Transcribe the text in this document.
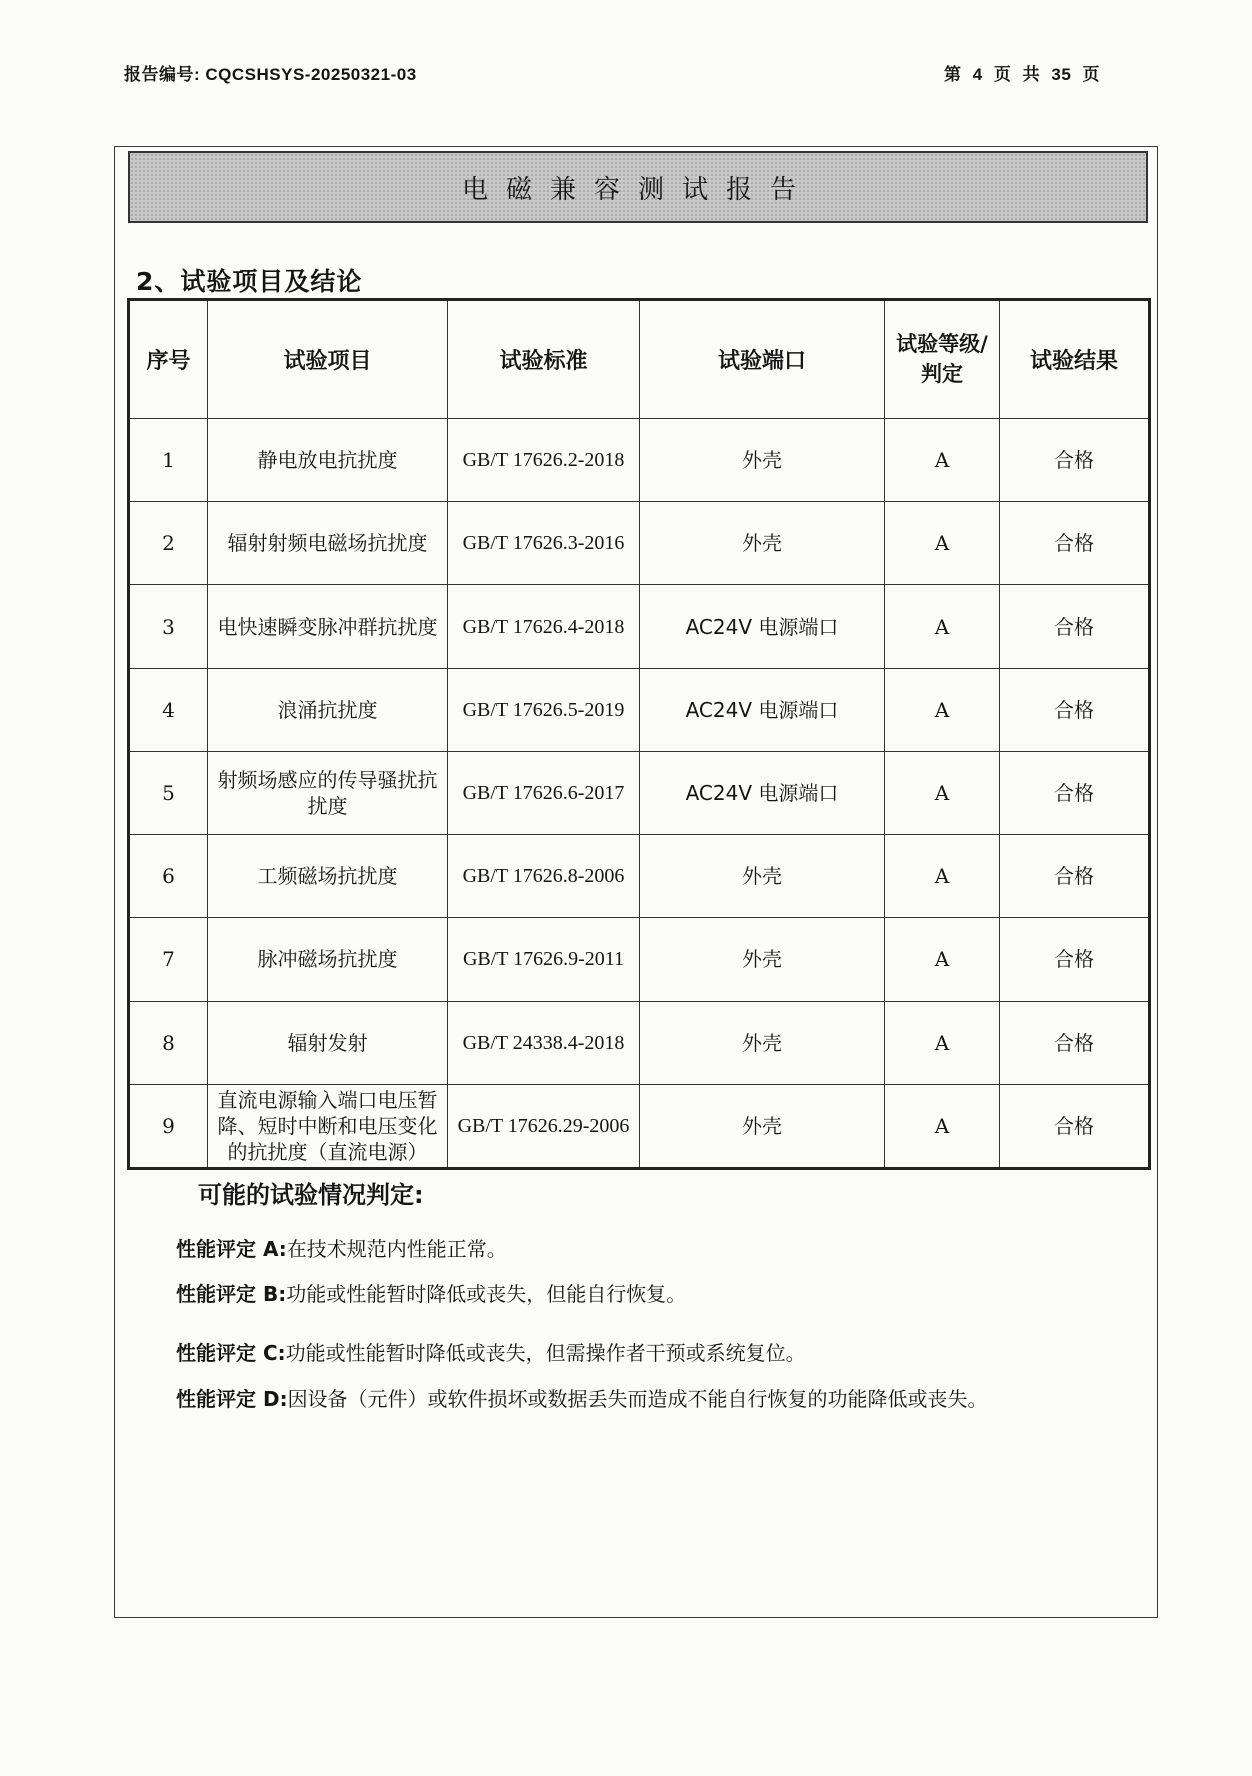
报告编号: CQCSHSYS-20250321-03	第 4 页 共 35 页
电磁兼容测试报告
2、试验项目及结论
序号	试验项目	试验标准	试验端口	试验等级/判定	试验结果
1	静电放电抗扰度	GB/T 17626.2-2018	外壳	A	合格
2	辐射射频电磁场抗扰度	GB/T 17626.3-2016	外壳	A	合格
3	电快速瞬变脉冲群抗扰度	GB/T 17626.4-2018	AC24V 电源端口	A	合格
4	浪涌抗扰度	GB/T 17626.5-2019	AC24V 电源端口	A	合格
5	射频场感应的传导骚扰抗扰度	GB/T 17626.6-2017	AC24V 电源端口	A	合格
6	工频磁场抗扰度	GB/T 17626.8-2006	外壳	A	合格
7	脉冲磁场抗扰度	GB/T 17626.9-2011	外壳	A	合格
8	辐射发射	GB/T 24338.4-2018	外壳	A	合格
9	直流电源输入端口电压暂降、短时中断和电压变化的抗扰度（直流电源）	GB/T 17626.29-2006	外壳	A	合格
可能的试验情况判定:
性能评定 A:在技术规范内性能正常。
性能评定 B:功能或性能暂时降低或丧失，但能自行恢复。
性能评定 C:功能或性能暂时降低或丧失，但需操作者干预或系统复位。
性能评定 D:因设备（元件）或软件损坏或数据丢失而造成不能自行恢复的功能降低或丧失。
